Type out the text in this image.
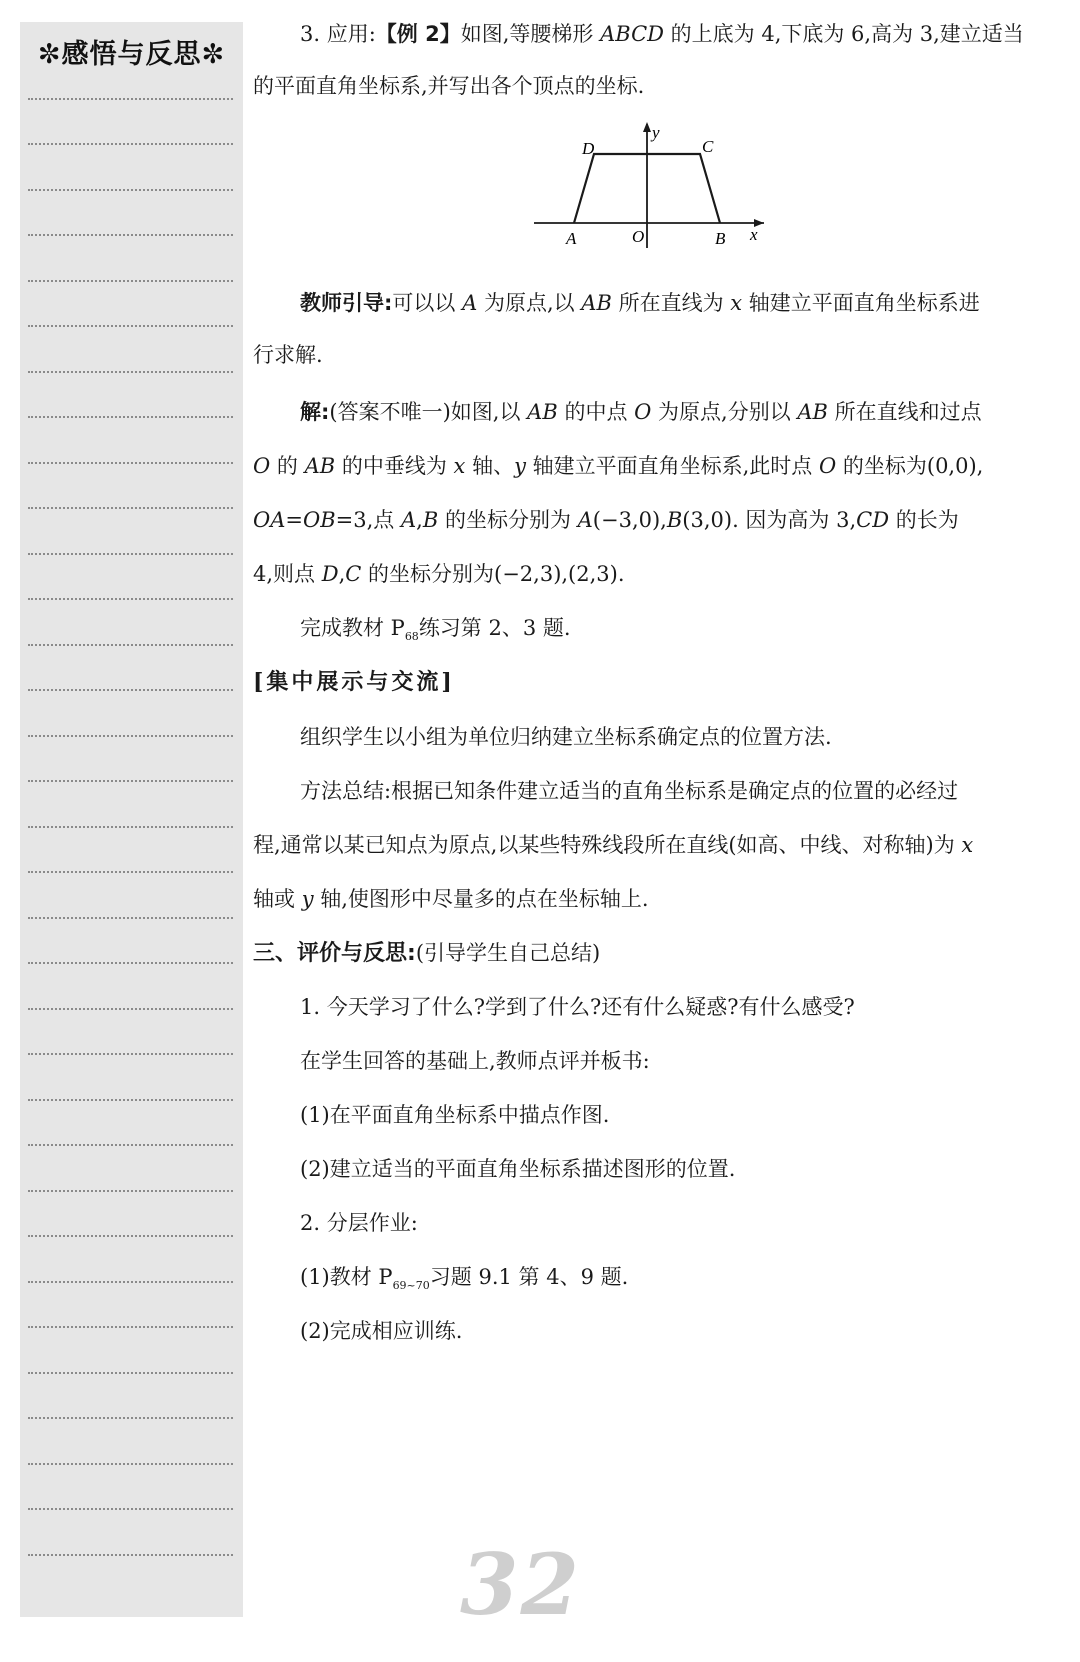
✼感悟与反思✼
3. 应用:【例 2】如图,等腰梯形 ABCD 的上底为 4,下底为 6,高为 3,建立适当
的平面直角坐标系,并写出各个顶点的坐标.
D	C
y
A	O	B x
教师引导:可以以 A 为原点,以 AB 所在直线为 x 轴建立平面直角坐标系进
行求解.
解:(答案不唯一)如图,以 AB 的中点 O 为原点,分别以 AB 所在直线和过点
O 的 AB 的中垂线为 x 轴、y 轴建立平面直角坐标系,此时点 O 的坐标为(0,0),
OA=OB=3,点 A,B 的坐标分别为 A(−3,0),B(3,0). 因为高为 3,CD 的长为
4,则点 D,C 的坐标分别为(−2,3),(2,3).
完成教材 $P_{68}$练习第 2、3 题.
[集中展示与交流]
组织学生以小组为单位归纳建立坐标系确定点的位置方法.
方法总结:根据已知条件建立适当的直角坐标系是确定点的位置的必经过
程,通常以某已知点为原点,以某些特殊线段所在直线(如高、中线、对称轴)为 x
轴或 y 轴,使图形中尽量多的点在坐标轴上.
三、评价与反思:(引导学生自己总结)
1. 今天学习了什么?学到了什么?还有什么疑惑?有什么感受?
在学生回答的基础上,教师点评并板书:
(1)在平面直角坐标系中描点作图.
(2)建立适当的平面直角坐标系描述图形的位置.
2. 分层作业:
(1)教材 $P_{69\sim 70}$习题 9.1 第 4、9 题.
(2)完成相应训练.
32
